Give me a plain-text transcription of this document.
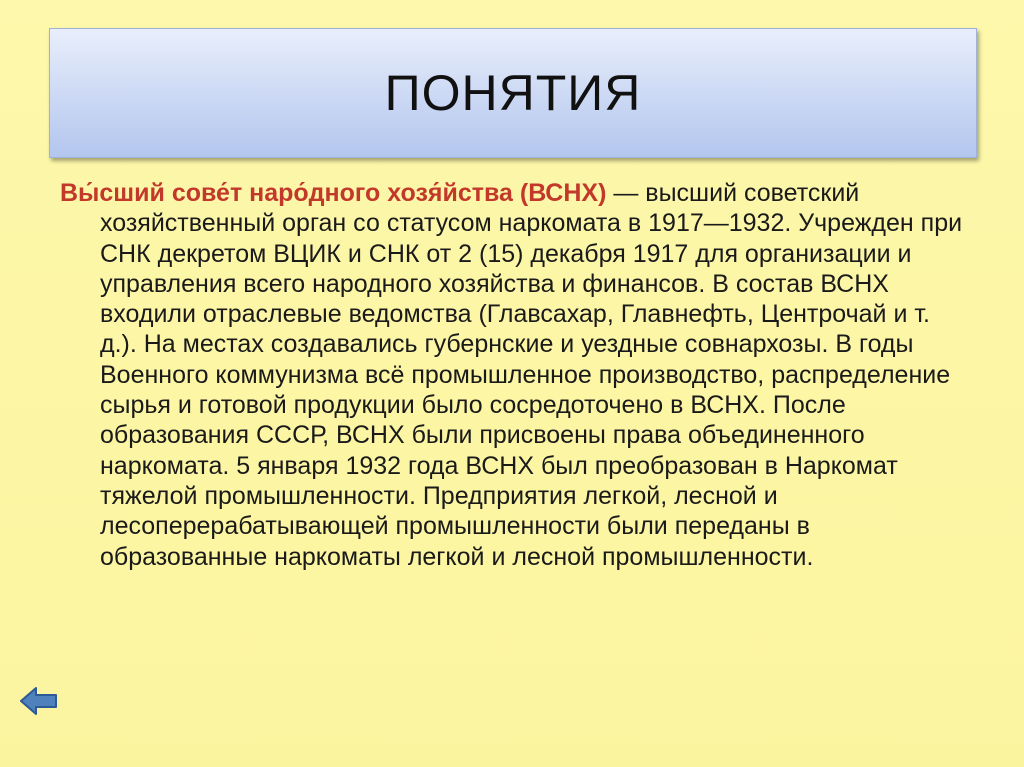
ПОНЯТИЯ

Вы́сший сове́т наро́дного хозя́йства (ВСНХ) — высший советский хозяйственный орган со статусом наркомата в 1917—1932. Учрежден при СНК декретом ВЦИК и СНК от 2 (15) декабря 1917 для организации и управления всего народного хозяйства и финансов. В состав ВСНХ входили отраслевые ведомства (Главсахар, Главнефть, Центрочай и т. д.). На местах создавались губернские и уездные совнархозы. В годы Военного коммунизма всё промышленное производство, распределение сырья и готовой продукции было сосредоточено в ВСНХ. После образования СССР, ВСНХ были присвоены права объединенного наркомата. 5 января 1932 года ВСНХ был преобразован в Наркомат тяжелой промышленности. Предприятия легкой, лесной и лесоперерабатывающей промышленности были переданы в образованные наркоматы легкой и лесной промышленности.
